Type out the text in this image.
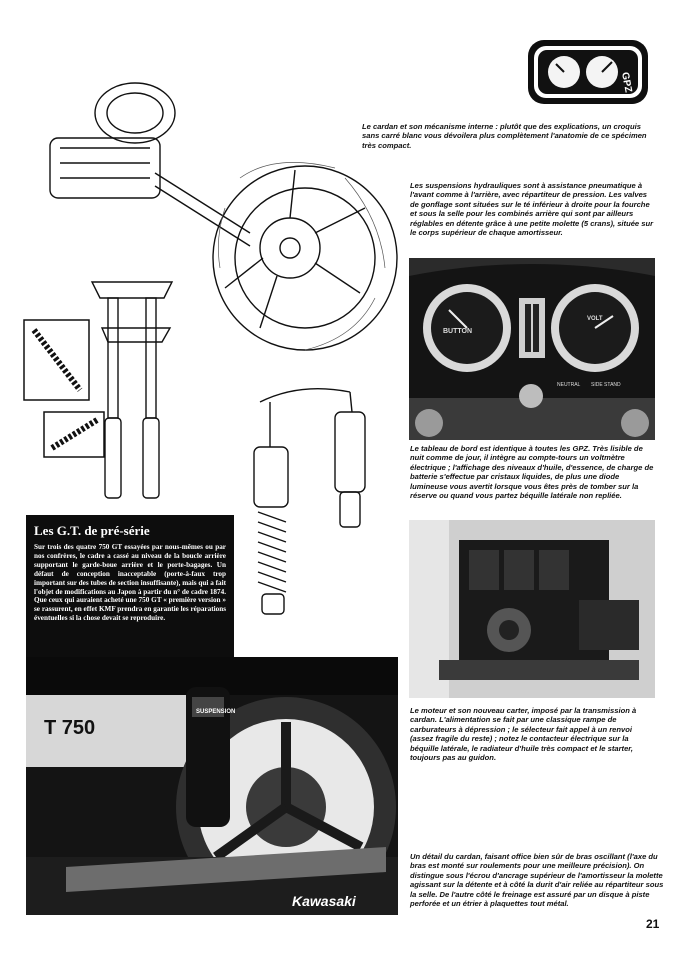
GPZ

Le cardan et son mécanisme interne : plutôt que des explications, un croquis sans carré blanc vous dévoilera plus complètement l'anatomie de ce spécimen très compact.

Les suspensions hydrauliques sont à assistance pneumatique à l'avant comme à l'arrière, avec répartiteur de pression. Les valves de gonflage sont situées sur le té inférieur à droite pour la fourche et sous la selle pour les combinés arrière qui sont par ailleurs réglables en détente grâce à une petite molette (5 crans), située sur le corps supérieur de chaque amortisseur.

BUTTON
VOLT
NEUTRAL SIDE STAND

Le tableau de bord est identique à toutes les GPZ. Très lisible de nuit comme de jour, il intègre au compte-tours un voltmètre électrique ; l'affichage des niveaux d'huile, d'essence, de charge de batterie s'effectue par cristaux liquides, de plus une diode lumineuse vous avertit lorsque vous êtes près de tomber sur la réserve ou quand vous partez béquille latérale non repliée.

Le moteur et son nouveau carter, imposé par la transmission à cardan. L'alimentation se fait par une classique rampe de carburateurs à dépression ; le sélecteur fait appel à un renvoi (assez fragile du reste) ; notez le contacteur électrique sur la béquille latérale, le radiateur d'huile très compact et le starter, toujours pas au guidon.

Les G.T. de pré-série

Sur trois des quatre 750 GT essayées par nous-mêmes ou par nos confrères, le cadre a cassé au niveau de la boucle arrière supportant le garde-boue arrière et le porte-bagages. Un défaut de conception inacceptable (porte-à-faux trop important sur des tubes de section insuffisante), mais qui a fait l'objet de modifications au Japon à partir du n° de cadre 1874. Que ceux qui auraient acheté une 750 GT « première version » se rassurent, en effet KMF prendra en garantie les réparations éventuelles si la chose devait se reproduire.

T 750
SUSPENSION
Kawasaki

Un détail du cardan, faisant office bien sûr de bras oscillant (l'axe du bras est monté sur roulements pour une meilleure précision). On distingue sous l'écrou d'ancrage supérieur de l'amortisseur la molette agissant sur la détente et à côté la durit d'air reliée au répartiteur sous la selle. De l'autre côté le freinage est assuré par un disque à piste perforée et un étrier à plaquettes tout métal.

21
